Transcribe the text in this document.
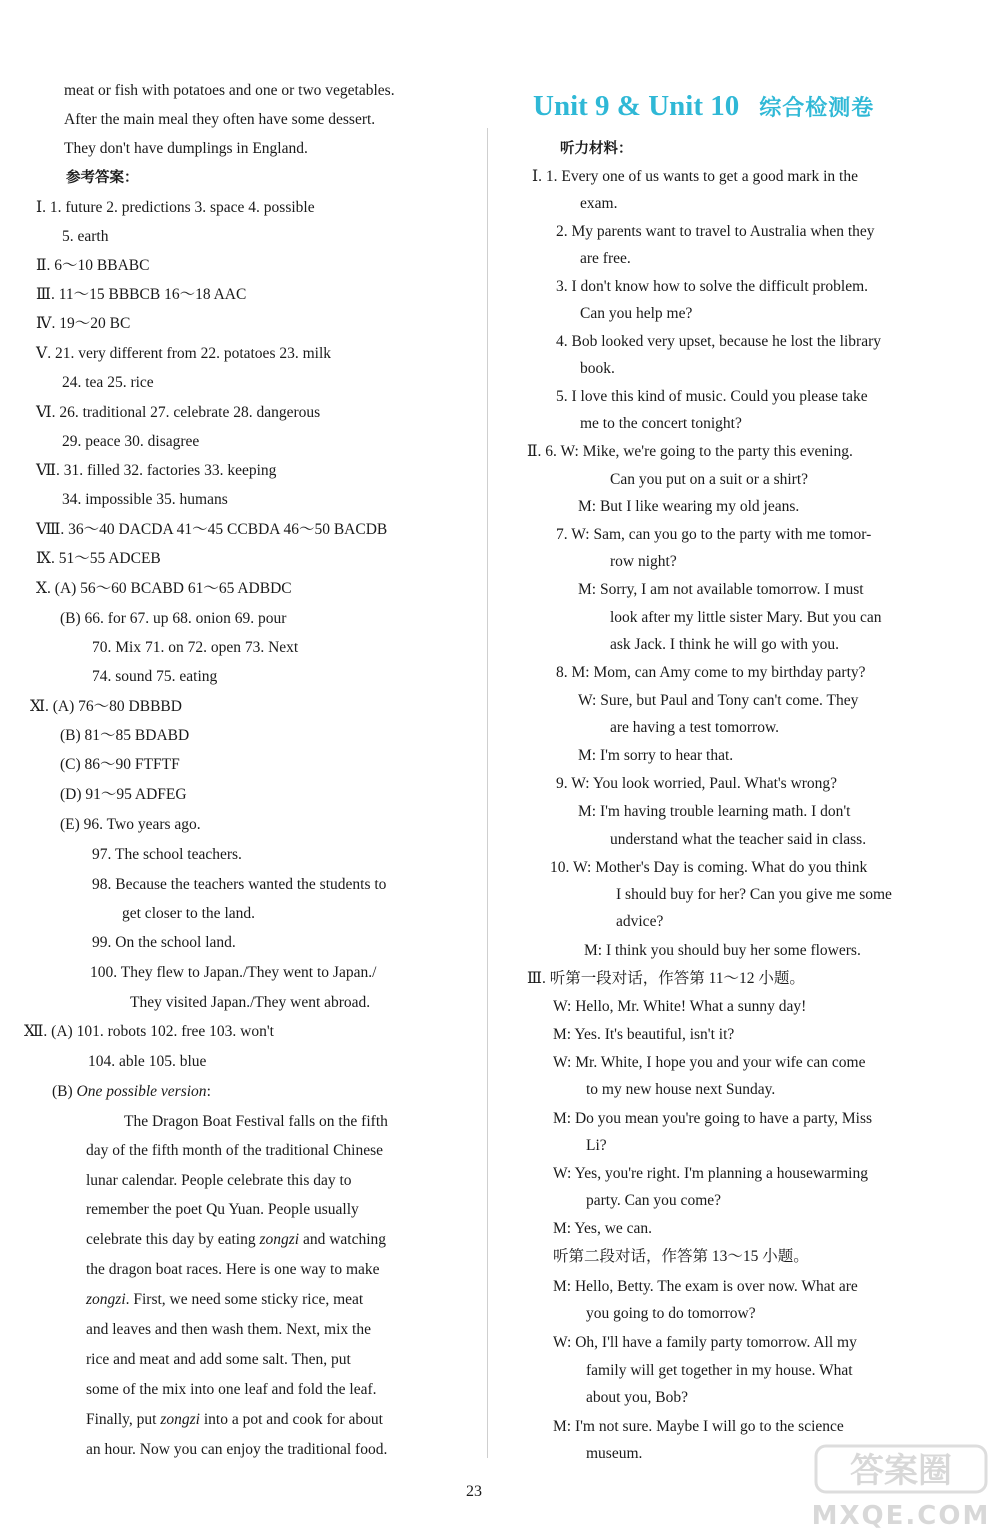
meat or fish with potatoes and one or two vegetables.
After the main meal they often have some dessert.
They don't have dumplings in England.
参考答案：
Ⅰ. 1. future 2. predictions 3. space 4. possible
5. earth
Ⅱ. 6～10 BBABC
Ⅲ. 11～15 BBBCB 16～18 AAC
Ⅳ. 19～20 BC
Ⅴ. 21. very different from 22. potatoes 23. milk
24. tea 25. rice
Ⅵ. 26. traditional 27. celebrate 28. dangerous
29. peace 30. disagree
Ⅶ. 31. filled 32. factories 33. keeping
34. impossible 35. humans
Ⅷ. 36～40 DACDA 41～45 CCBDA 46～50 BACDB
Ⅸ. 51～55 ADCEB
Ⅹ. (A) 56～60 BCABD 61～65 ADBDC
(B) 66. for 67. up 68. onion 69. pour
70. Mix 71. on 72. open 73. Next
74. sound 75. eating
Ⅺ. (A) 76～80 DBBBD
(B) 81～85 BDABD
(C) 86～90 FTFTF
(D) 91～95 ADFEG
(E) 96. Two years ago.
97. The school teachers.
98. Because the teachers wanted the students to
get closer to the land.
99. On the school land.
100. They flew to Japan./They went to Japan./
They visited Japan./They went abroad.
Ⅻ. (A) 101. robots 102. free 103. won't
104. able 105. blue
(B) One possible version:
The Dragon Boat Festival falls on the fifth
day of the fifth month of the traditional Chinese
lunar calendar. People celebrate this day to
remember the poet Qu Yuan. People usually
celebrate this day by eating zongzi and watching
the dragon boat races. Here is one way to make
zongzi. First, we need some sticky rice, meat
and leaves and then wash them. Next, mix the
rice and meat and add some salt. Then, put
some of the mix into one leaf and fold the leaf.
Finally, put zongzi into a pot and cook for about
an hour. Now you can enjoy the traditional food.
Unit 9 & Unit 10 综合检测卷
听力材料：
Ⅰ. 1. Every one of us wants to get a good mark in the
exam.
2. My parents want to travel to Australia when they
are free.
3. I don't know how to solve the difficult problem.
Can you help me?
4. Bob looked very upset, because he lost the library
book.
5. I love this kind of music. Could you please take
me to the concert tonight?
Ⅱ. 6. W: Mike, we're going to the party this evening.
Can you put on a suit or a shirt?
M: But I like wearing my old jeans.
7. W: Sam, can you go to the party with me tomor-
row night?
M: Sorry, I am not available tomorrow. I must
look after my little sister Mary. But you can
ask Jack. I think he will go with you.
8. M: Mom, can Amy come to my birthday party?
W: Sure, but Paul and Tony can't come. They
are having a test tomorrow.
M: I'm sorry to hear that.
9. W: You look worried, Paul. What's wrong?
M: I'm having trouble learning math. I don't
understand what the teacher said in class.
10. W: Mother's Day is coming. What do you think
I should buy for her? Can you give me some
advice?
M: I think you should buy her some flowers.
Ⅲ. 听第一段对话，作答第 11～12 小题。
W: Hello, Mr. White! What a sunny day!
M: Yes. It's beautiful, isn't it?
W: Mr. White, I hope you and your wife can come
to my new house next Sunday.
M: Do you mean you're going to have a party, Miss
Li?
W: Yes, you're right. I'm planning a housewarming
party. Can you come?
M: Yes, we can.
听第二段对话，作答第 13～15 小题。
M: Hello, Betty. The exam is over now. What are
you going to do tomorrow?
W: Oh, I'll have a family party tomorrow. All my
family will get together in my house. What
about you, Bob?
M: I'm not sure. Maybe I will go to the science
museum.
23
答案圈
MXQE.COM
